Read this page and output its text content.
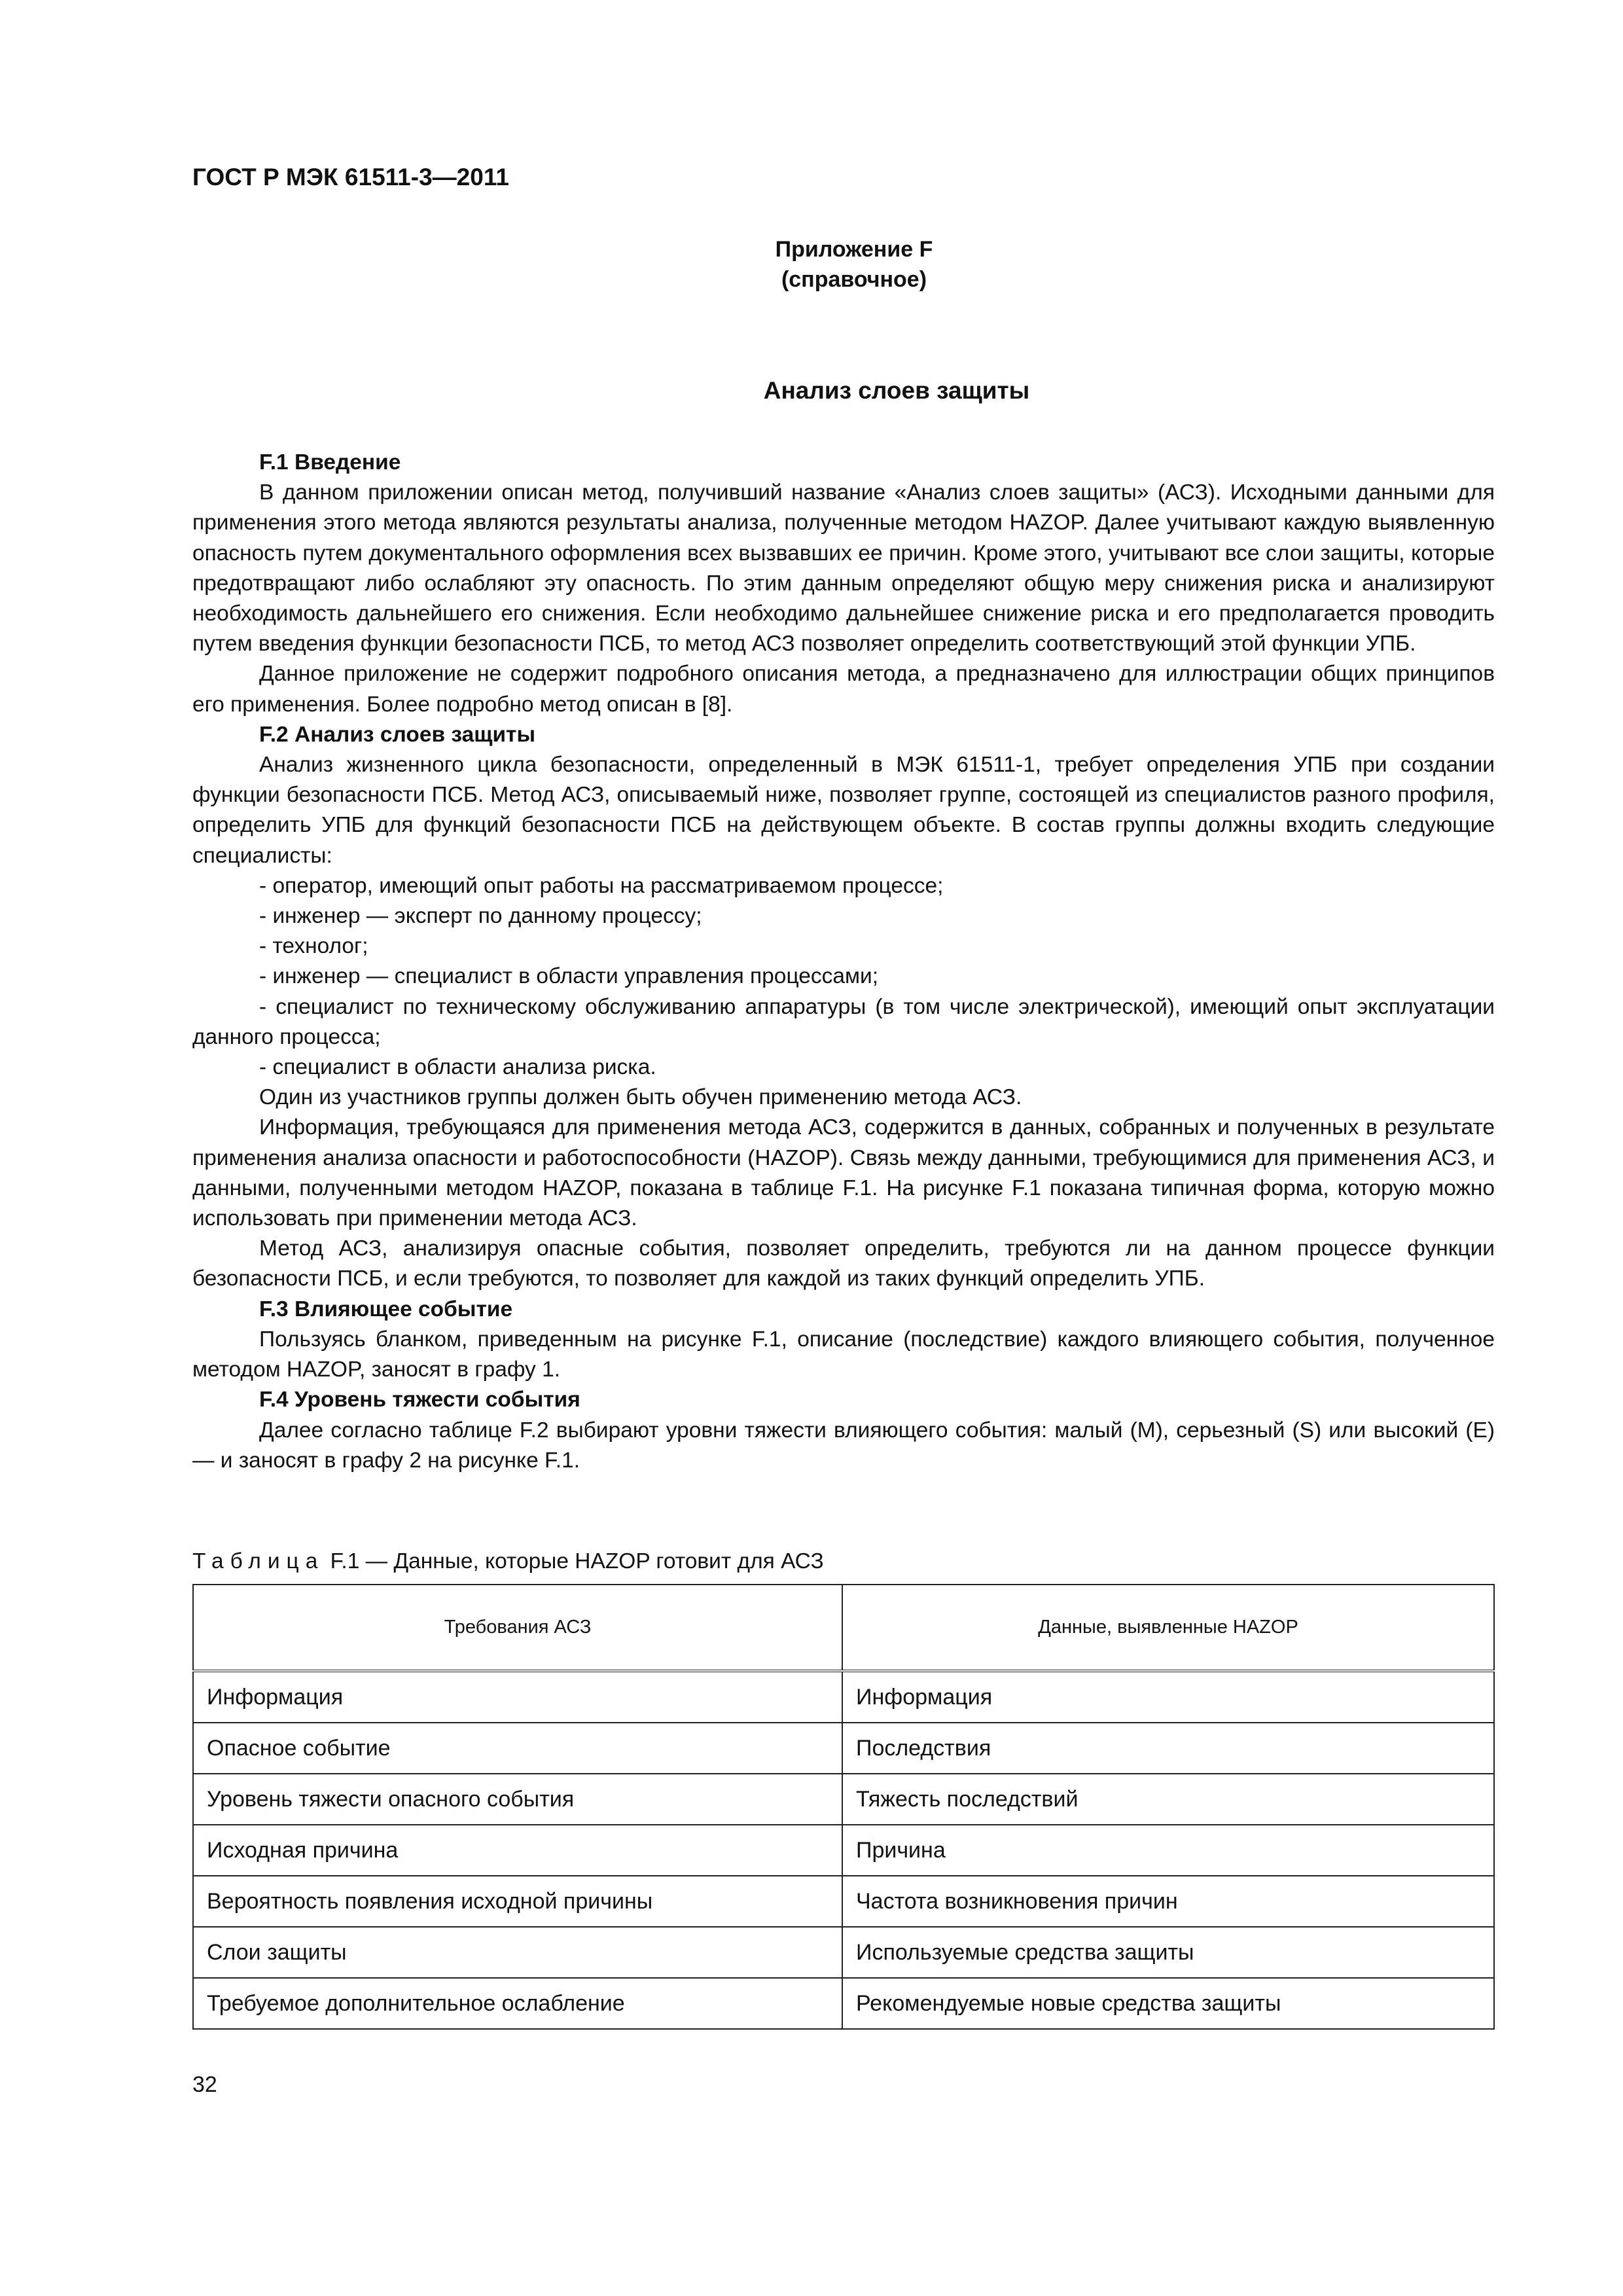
ГОСТ Р МЭК 61511-3—2011
Приложение F
(справочное)
Анализ слоев защиты

F.1 Введение

В данном приложении описан метод, получивший название «Анализ слоев защиты» (АСЗ). Исходными данными для применения этого метода являются результаты анализа, полученные методом HAZOP. Далее учитывают каждую выявленную опасность путем документального оформления всех вызвавших ее причин. Кроме этого, учитывают все слои защиты, которые предотвращают либо ослабляют эту опасность. По этим данным определяют общую меру снижения риска и анализируют необходимость дальнейшего его снижения. Если необходимо дальнейшее снижение риска и его предполагается проводить путем введения функции безопасности ПСБ, то метод АСЗ позволяет определить соответствующий этой функции УПБ.

Данное приложение не содержит подробного описания метода, а предназначено для иллюстрации общих принципов его применения. Более подробно метод описан в [8].

F.2 Анализ слоев защиты

Анализ жизненного цикла безопасности, определенный в МЭК 61511-1, требует определения УПБ при создании функции безопасности ПСБ. Метод АСЗ, описываемый ниже, позволяет группе, состоящей из специалистов разного профиля, определить УПБ для функций безопасности ПСБ на действующем объекте. В состав группы должны входить следующие специалисты:

- оператор, имеющий опыт работы на рассматриваемом процессе;

- инженер — эксперт по данному процессу;

- технолог;

- инженер — специалист в области управления процессами;

- специалист по техническому обслуживанию аппаратуры (в том числе электрической), имеющий опыт эксплуатации данного процесса;

- специалист в области анализа риска.

Один из участников группы должен быть обучен применению метода АСЗ.

Информация, требующаяся для применения метода АСЗ, содержится в данных, собранных и полученных в результате применения анализа опасности и работоспособности (HAZOP). Связь между данными, требующимися для применения АСЗ, и данными, полученными методом HAZOP, показана в таблице F.1. На рисунке F.1 показана типичная форма, которую можно использовать при применении метода АСЗ.

Метод АСЗ, анализируя опасные события, позволяет определить, требуются ли на данном процессе функции безопасности ПСБ, и если требуются, то позволяет для каждой из таких функций определить УПБ.

F.3 Влияющее событие

Пользуясь бланком, приведенным на рисунке F.1, описание (последствие) каждого влияющего события, полученное методом HAZOP, заносят в графу 1.

F.4 Уровень тяжести события

Далее согласно таблице F.2 выбирают уровни тяжести влияющего события: малый (M), серьезный (S) или высокий (E) — и заносят в графу 2 на рисунке F.1.

Таблица F.1 — Данные, которые HAZOP готовит для АСЗ
Требования АСЗ	Данные, выявленные HAZOP
Информация	Информация
Опасное событие	Последствия
Уровень тяжести опасного события	Тяжесть последствий
Исходная причина	Причина
Вероятность появления исходной причины	Частота возникновения причин
Слои защиты	Используемые средства защиты
Требуемое дополнительное ослабление	Рекомендуемые новые средства защиты
32
